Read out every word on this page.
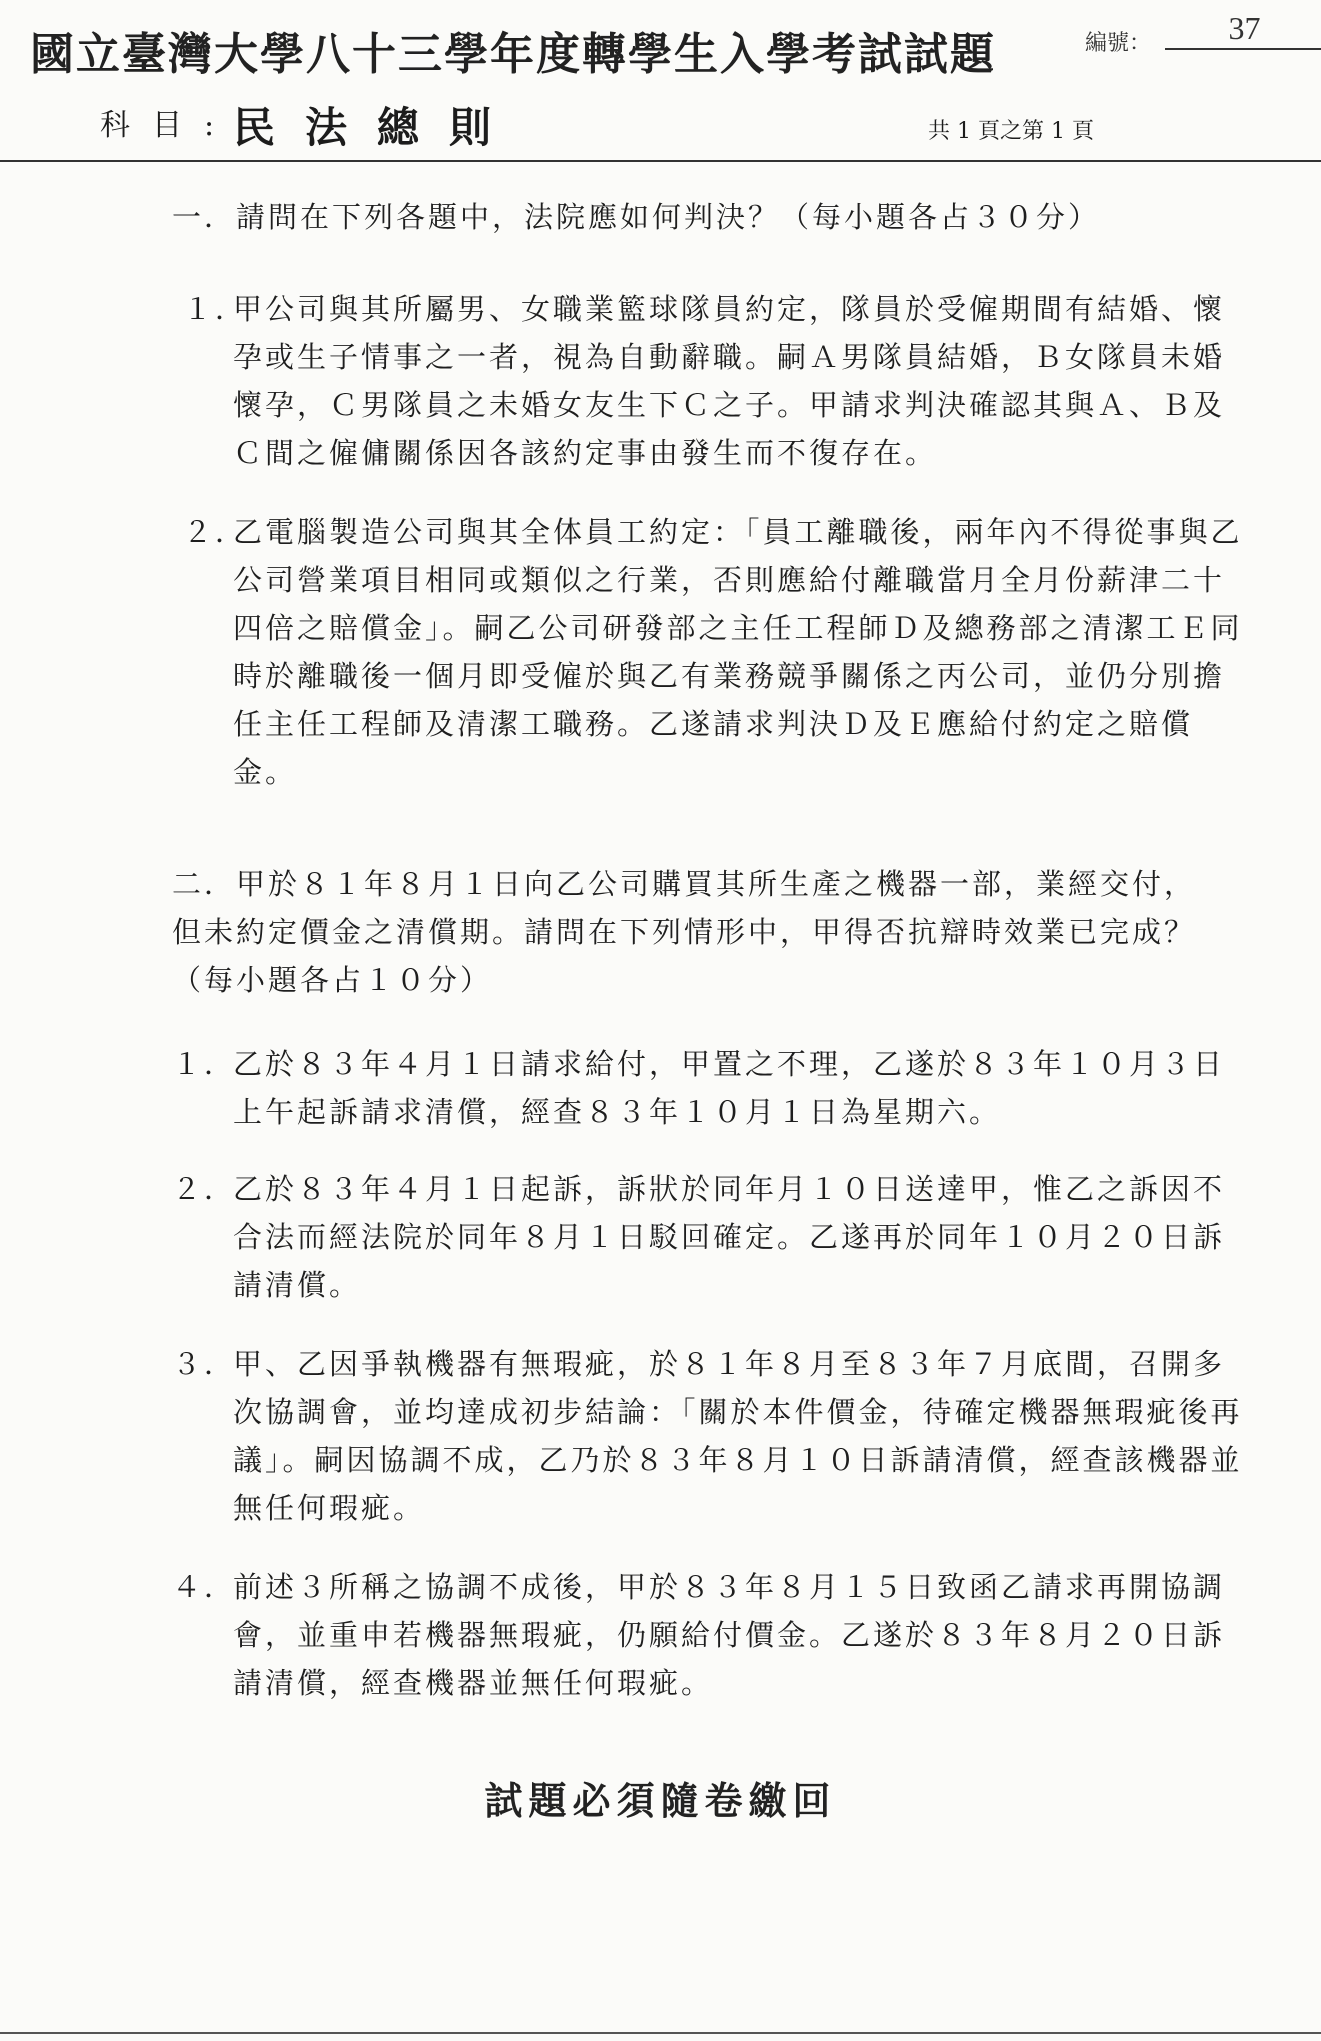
國立臺灣大學八十三學年度轉學生入學考試試題	編號：	37
科目:
民法總則	共 1 頁之第 1 頁
一．請問在下列各題中，法院應如何判決？（每小題各占３０分）
１．
甲公司與其所屬男、女職業籃球隊員約定，隊員於受僱期間有結婚、懷孕或生子情事之一者，視為自動辭職。嗣Ａ男隊員結婚，Ｂ女隊員未婚懷孕，Ｃ男隊員之未婚女友生下Ｃ之子。甲請求判決確認其與Ａ、Ｂ及Ｃ間之僱傭關係因各該約定事由發生而不復存在。
２．
乙電腦製造公司與其全体員工約定：「員工離職後，兩年內不得從事與乙公司營業項目相同或類似之行業，否則應給付離職當月全月份薪津二十四倍之賠償金」。嗣乙公司研發部之主任工程師Ｄ及總務部之清潔工Ｅ同時於離職後一個月即受僱於與乙有業務競爭關係之丙公司，並仍分別擔任主任工程師及清潔工職務。乙遂請求判決Ｄ及Ｅ應給付約定之賠償金。
二．甲於８１年８月１日向乙公司購買其所生產之機器一部，業經交付，但未約定價金之清償期。請問在下列情形中，甲得否抗辯時效業已完成？（每小題各占１０分）
１．
乙於８３年４月１日請求給付，甲置之不理，乙遂於８３年１０月３日上午起訴請求清償，經查８３年１０月１日為星期六。
２．
乙於８３年４月１日起訴，訴狀於同年月１０日送達甲，惟乙之訴因不合法而經法院於同年８月１日駁回確定。乙遂再於同年１０月２０日訴請清償。
３．
甲、乙因爭執機器有無瑕疵，於８１年８月至８３年７月底間，召開多次協調會，並均達成初步結論：「關於本件價金，待確定機器無瑕疵後再議」。嗣因協調不成，乙乃於８３年８月１０日訴請清償，經查該機器並無任何瑕疵。
４．
前述３所稱之協調不成後，甲於８３年８月１５日致函乙請求再開協調會，並重申若機器無瑕疵，仍願給付價金。乙遂於８３年８月２０日訴請清償，經查機器並無任何瑕疵。
試題必須隨卷繳回
